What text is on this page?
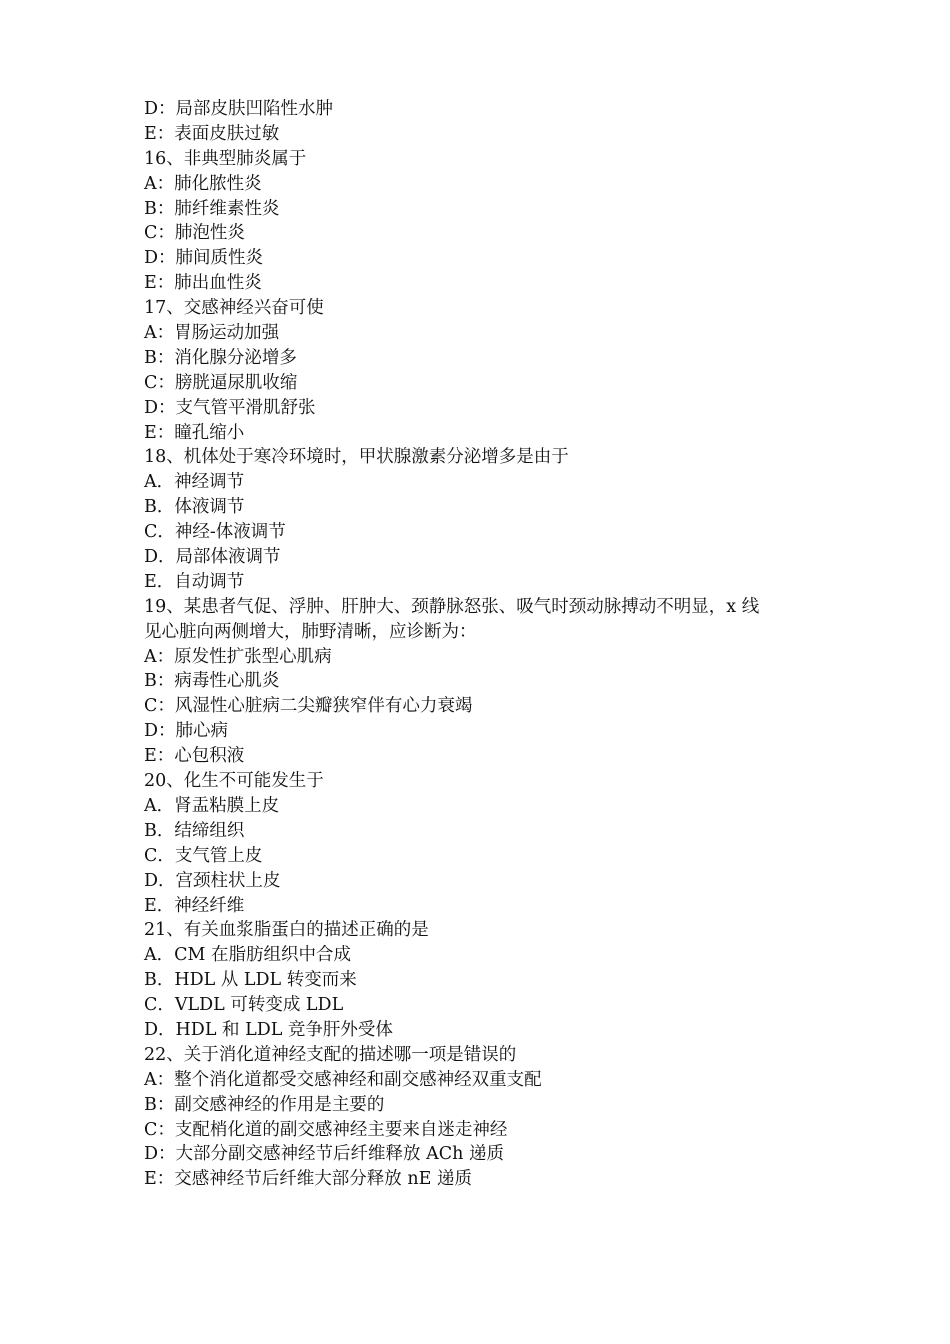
D：局部皮肤凹陷性水肿
E：表面皮肤过敏
16、非典型肺炎属于
A：肺化脓性炎
B：肺纤维素性炎
C：肺泡性炎
D：肺间质性炎
E：肺出血性炎
17、交感神经兴奋可使
A：胃肠运动加强
B：消化腺分泌增多
C：膀胱逼尿肌收缩
D：支气管平滑肌舒张
E：瞳孔缩小
18、机体处于寒冷环境时，甲状腺激素分泌增多是由于
A．神经调节
B．体液调节
C．神经-体液调节
D．局部体液调节
E．自动调节
19、某患者气促、浮肿、肝肿大、颈静脉怒张、吸气时颈动脉搏动不明显，x 线
见心脏向两侧增大，肺野清晰，应诊断为：
A：原发性扩张型心肌病
B：病毒性心肌炎
C：风湿性心脏病二尖瓣狭窄伴有心力衰竭
D：肺心病
E：心包积液
20、化生不可能发生于
A．肾盂粘膜上皮
B．结缔组织
C．支气管上皮
D．宫颈柱状上皮
E．神经纤维
21、有关血浆脂蛋白的描述正确的是
A．CM 在脂肪组织中合成
B．HDL 从 LDL 转变而来
C．VLDL 可转变成 LDL
D．HDL 和 LDL 竞争肝外受体
22、关于消化道神经支配的描述哪一项是错误的
A：整个消化道都受交感神经和副交感神经双重支配
B：副交感神经的作用是主要的
C：支配梢化道的副交感神经主要来自迷走神经
D：大部分副交感神经节后纤维释放 ACh 递质
E：交感神经节后纤维大部分释放 nE 递质
